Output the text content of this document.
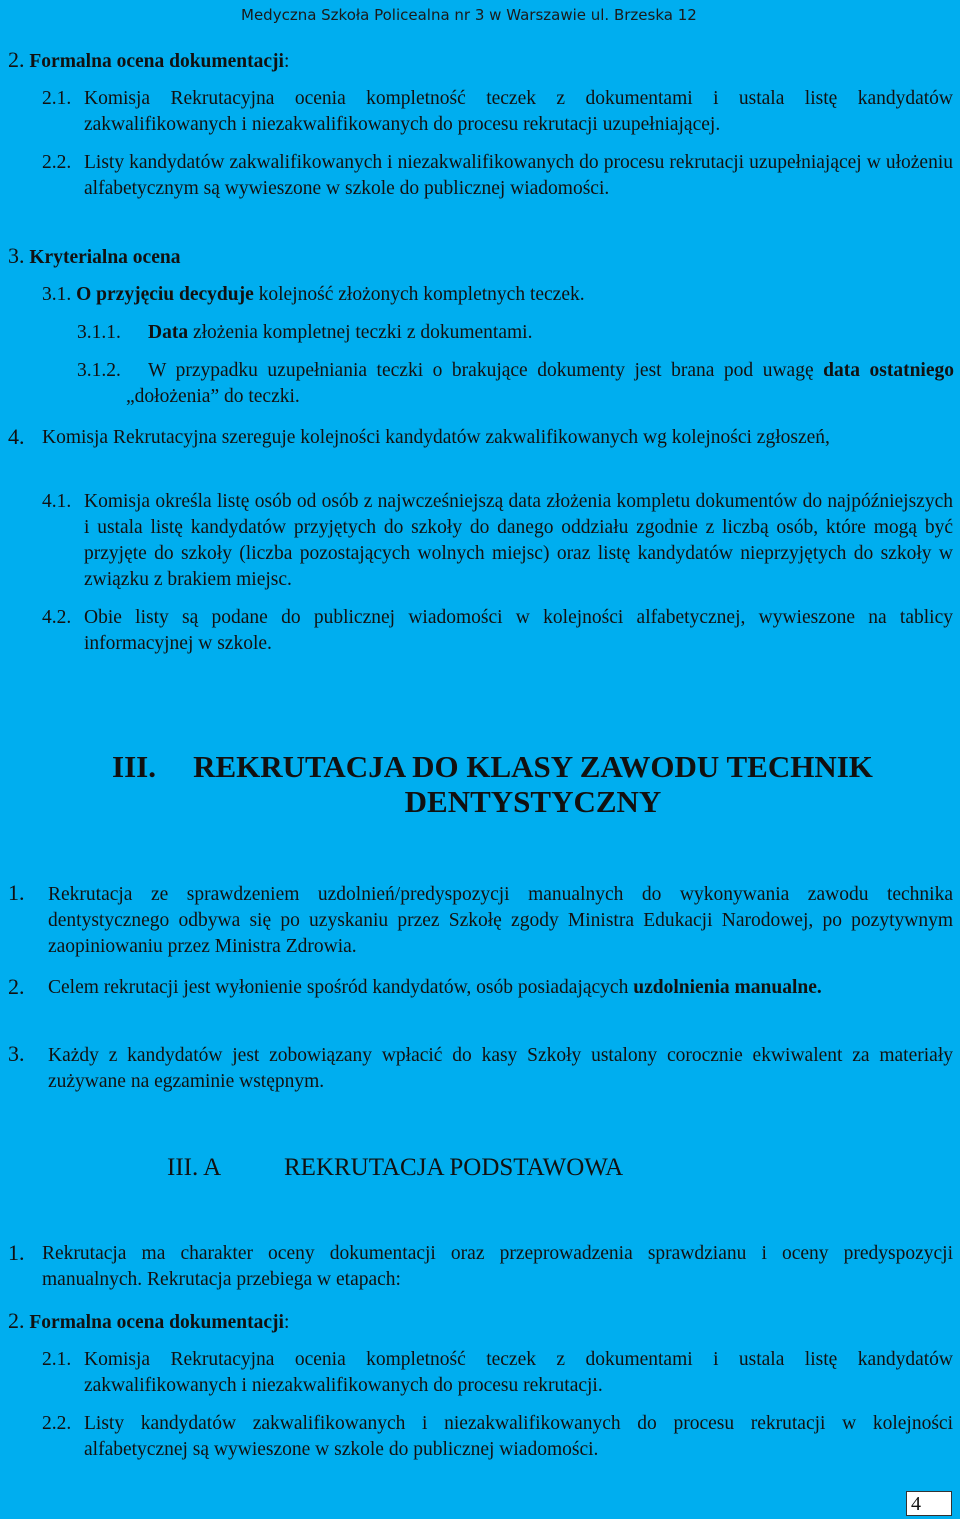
Medyczna Szkoła Policealna nr 3 w Warszawie ul. Brzeska 12
2. Formalna ocena dokumentacji:
2.1. Komisja Rekrutacyjna ocenia kompletność teczek z dokumentami i ustala listę kandydatów zakwalifikowanych i niezakwalifikowanych do procesu rekrutacji uzupełniającej.
2.2. Listy kandydatów zakwalifikowanych i niezakwalifikowanych do procesu rekrutacji uzupełniającej w ułożeniu alfabetycznym są wywieszone w szkole do publicznej wiadomości.
3. Kryterialna ocena
3.1. O przyjęciu decyduje kolejność złożonych kompletnych teczek.
3.1.1.	Data złożenia kompletnej teczki z dokumentami.
3.1.2.	W przypadku uzupełniania teczki o brakujące dokumenty jest brana pod uwagę data ostatniego „dołożenia” do teczki.
4. Komisja Rekrutacyjna szereguje kolejności kandydatów zakwalifikowanych wg kolejności zgłoszeń,
4.1. Komisja określa listę osób od osób z najwcześniejszą data złożenia kompletu dokumentów do najpóźniejszych i ustala listę kandydatów przyjętych do szkoły do danego oddziału zgodnie z liczbą osób, które mogą być przyjęte do szkoły (liczba pozostających wolnych miejsc) oraz listę kandydatów nieprzyjętych do szkoły w związku z brakiem miejsc.
4.2. Obie listy są podane do publicznej wiadomości w kolejności alfabetycznej, wywieszone na tablicy informacyjnej w szkole.
III.	REKRUTACJA DO KLASY ZAWODU TECHNIK
DENTYSTYCZNY
1.	Rekrutacja ze sprawdzeniem uzdolnień/predyspozycji manualnych do wykonywania zawodu technika dentystycznego odbywa się po uzyskaniu przez Szkołę zgody Ministra Edukacji Narodowej, po pozytywnym zaopiniowaniu przez Ministra Zdrowia.
2.	Celem rekrutacji jest wyłonienie spośród kandydatów, osób posiadających uzdolnienia manualne.
3.	Każdy z kandydatów jest zobowiązany wpłacić do kasy Szkoły ustalony corocznie ekwiwalent za materiały zużywane na egzaminie wstępnym.
III. A	REKRUTACJA PODSTAWOWA
1. Rekrutacja ma charakter oceny dokumentacji oraz przeprowadzenia sprawdzianu i oceny predyspozycji manualnych. Rekrutacja przebiega w etapach:
2. Formalna ocena dokumentacji:
2.1. Komisja Rekrutacyjna ocenia kompletność teczek z dokumentami i ustala listę kandydatów zakwalifikowanych i niezakwalifikowanych do procesu rekrutacji.
2.2. Listy kandydatów zakwalifikowanych i niezakwalifikowanych do procesu rekrutacji w kolejności alfabetycznej są wywieszone w szkole do publicznej wiadomości.
4
